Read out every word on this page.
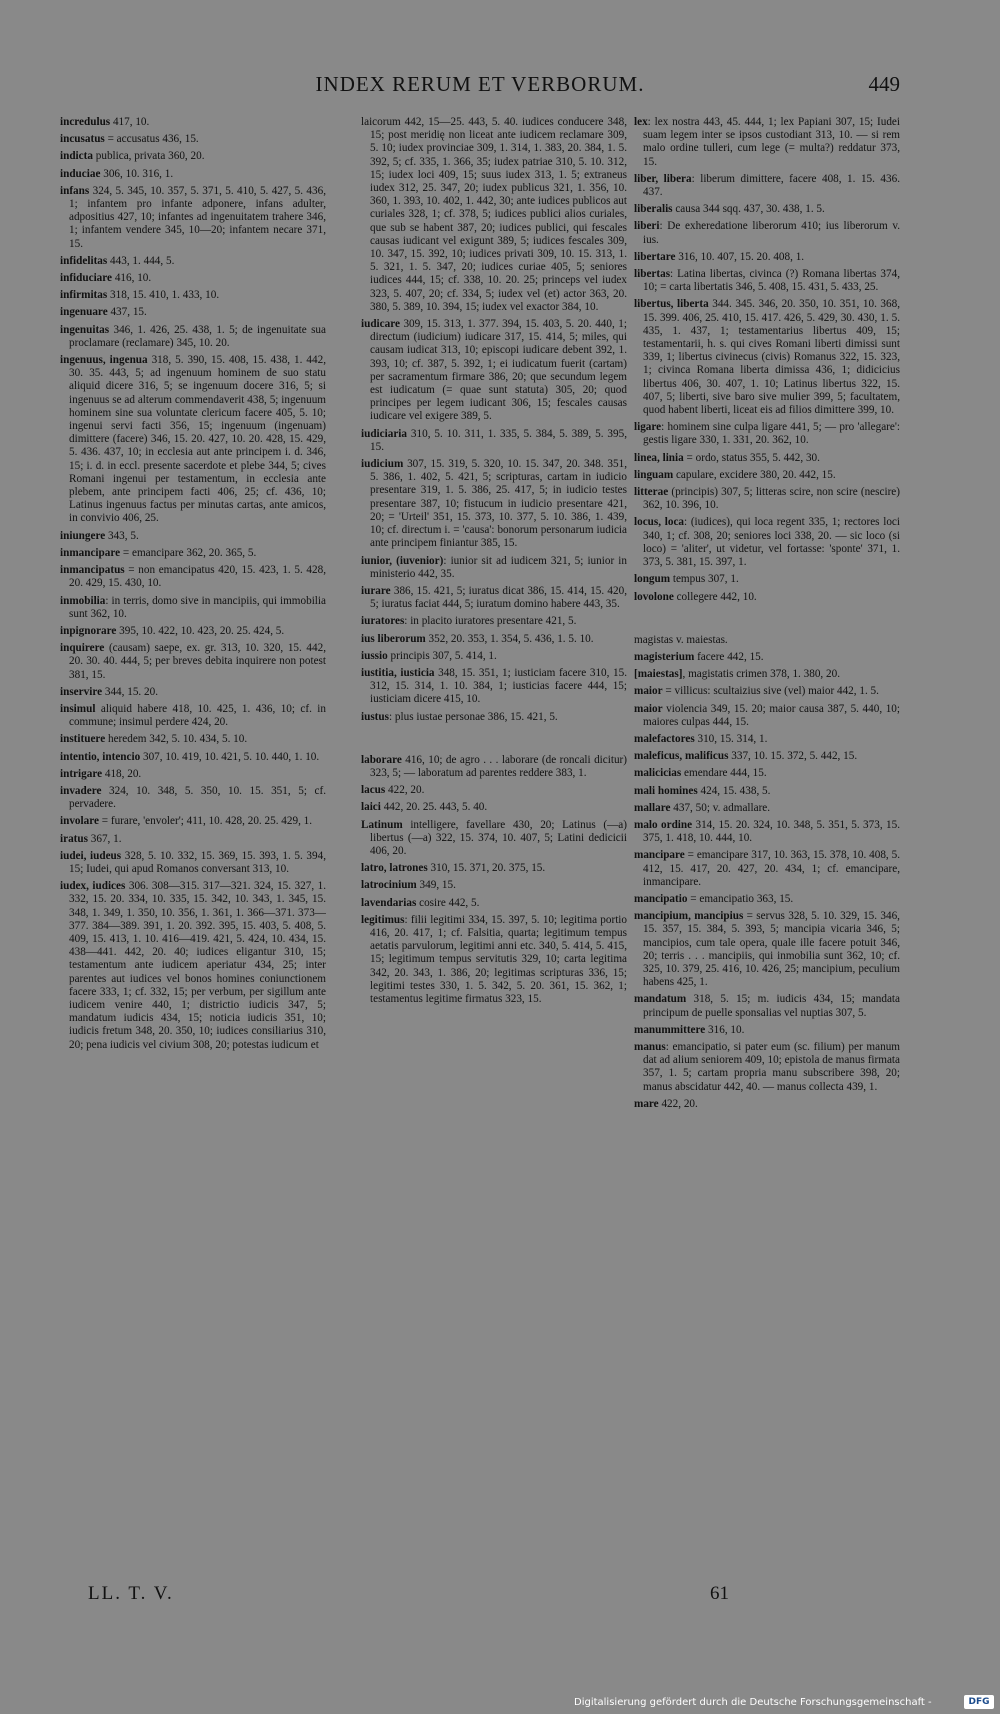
INDEX RERUM ET VERBORUM.	449
incredulus 417, 10.
incusatus = accusatus 436, 15.
indicta publica, privata 360, 20.
induciae 306, 10. 316, 1.
infans 324, 5. 345, 10. 357, 5. 371, 5. 410, 5. 427, 5. 436, 1; infantem pro infante adponere, infans adulter, adpositius 427, 10; infantes ad ingenuitatem trahere 346, 1; infantem vendere 345, 10—20; infantem necare 371, 15.
infidelitas 443, 1. 444, 5.
infiduciare 416, 10.
infirmitas 318, 15. 410, 1. 433, 10.
ingenuare 437, 15.
ingenuitas 346, 1. 426, 25. 438, 1. 5; de ingenuitate sua proclamare (reclamare) 345, 10. 20.
ingenuus, ingenua 318, 5. 390, 15. 408, 15. 438, 1. 442, 30. 35. 443, 5; ad ingenuum hominem de suo statu aliquid dicere 316, 5; se ingenuum docere 316, 5; si ingenuus se ad alterum commendaverit 438, 5; ingenuum hominem sine sua voluntate clericum facere 405, 5. 10; ingenui servi facti 356, 15; ingenuum (ingenuam) dimittere (facere) 346, 15. 20. 427, 10. 20. 428, 15. 429, 5. 436. 437, 10; in ecclesia aut ante principem i. d. 346, 15; i. d. in eccl. presente sacerdote et plebe 344, 5; cives Romani ingenui per testamentum, in ecclesia ante plebem, ante principem facti 406, 25; cf. 436, 10; Latinus ingenuus factus per minutas cartas, ante amicos, in convivio 406, 25.
iniungere 343, 5.
inmancipare = emancipare 362, 20. 365, 5.
inmancipatus = non emancipatus 420, 15. 423, 1. 5. 428, 20. 429, 15. 430, 10.
inmobilia: in terris, domo sive in mancipiis, qui immobilia sunt 362, 10.
inpignorare 395, 10. 422, 10. 423, 20. 25. 424, 5.
inquirere (causam) saepe, ex. gr. 313, 10. 320, 15. 442, 20. 30. 40. 444, 5; per breves debita inquirere non potest 381, 15.
inservire 344, 15. 20.
insimul aliquid habere 418, 10. 425, 1. 436, 10; cf. in commune; insimul perdere 424, 20.
instituere heredem 342, 5. 10. 434, 5. 10.
intentio, intencio 307, 10. 419, 10. 421, 5. 10. 440, 1. 10.
intrigare 418, 20.
invadere 324, 10. 348, 5. 350, 10. 15. 351, 5; cf. pervadere.
involare = furare, 'envoler'; 411, 10. 428, 20. 25. 429, 1.
iratus 367, 1.
iudei, iudeus 328, 5. 10. 332, 15. 369, 15. 393, 1. 5. 394, 15; Iudei, qui apud Romanos conversant 313, 10.
iudex, iudices 306. 308—315. 317—321. 324, 15. 327, 1. 332, 15. 20. 334, 10. 335, 15. 342, 10. 343, 1. 345, 15. 348, 1. 349, 1. 350, 10. 356, 1. 361, 1. 366—371. 373—377. 384—389. 391, 1. 20. 392. 395, 15. 403, 5. 408, 5. 409, 15. 413, 1. 10. 416—419. 421, 5. 424, 10. 434, 15. 438—441. 442, 20. 40; iudices eligantur 310, 15; testamentum ante iudicem aperiatur 434, 25; inter parentes aut iudices vel bonos homines coniunctionem facere 333, 1; cf. 332, 15; per verbum, per sigillum ante iudicem venire 440, 1; districtio iudicis 347, 5; mandatum iudicis 434, 15; noticia iudicis 351, 10; iudicis fretum 348, 20. 350, 10; iudices consiliarius 310, 20; pena iudicis vel civium 308, 20; potestas iudicum et
laicorum 442, 15—25. 443, 5. 40. iudices conducere 348, 15; post meridię non liceat ante iudicem reclamare 309, 5. 10; iudex provinciae 309, 1. 314, 1. 383, 20. 384, 1. 5. 392, 5; cf. 335, 1. 366, 35; iudex patriae 310, 5. 10. 312, 15; iudex loci 409, 15; suus iudex 313, 1. 5; extraneus iudex 312, 25. 347, 20; iudex publicus 321, 1. 356, 10. 360, 1. 393, 10. 402, 1. 442, 30; ante iudices publicos aut curiales 328, 1; cf. 378, 5; iudices publici alios curiales, que sub se habent 387, 20; iudices publici, qui fescales causas iudicant vel exigunt 389, 5; iudices fescales 309, 10. 347, 15. 392, 10; iudices privati 309, 10. 15. 313, 1. 5. 321, 1. 5. 347, 20; iudices curiae 405, 5; seniores iudices 444, 15; cf. 338, 10. 20. 25; princeps vel iudex 323, 5. 407, 20; cf. 334, 5; iudex vel (et) actor 363, 20. 380, 5. 389, 10. 394, 15; iudex vel exactor 384, 10.
iudicare 309, 15. 313, 1. 377. 394, 15. 403, 5. 20. 440, 1; directum (iudicium) iudicare 317, 15. 414, 5; miles, qui causam iudicat 313, 10; episcopi iudicare debent 392, 1. 393, 10; cf. 387, 5. 392, 1; ei iudicatum fuerit (cartam) per sacramentum firmare 386, 20; que secundum legem est iudicatum (= quae sunt statuta) 305, 20; quod principes per legem iudicant 306, 15; fescales causas iudicare vel exigere 389, 5.
iudiciaria 310, 5. 10. 311, 1. 335, 5. 384, 5. 389, 5. 395, 15.
iudicium 307, 15. 319, 5. 320, 10. 15. 347, 20. 348. 351, 5. 386, 1. 402, 5. 421, 5; scripturas, cartam in iudicio presentare 319, 1. 5. 386, 25. 417, 5; in iudicio testes presentare 387, 10; fistucum in iudicio presentare 421, 20; = 'Urteil' 351, 15. 373, 10. 377, 5. 10. 386, 1. 439, 10; cf. directum i. = 'causa': bonorum personarum iudicia ante principem finiantur 385, 15.
iunior, (iuvenior): iunior sit ad iudicem 321, 5; iunior in ministerio 442, 35.
iurare 386, 15. 421, 5; iuratus dicat 386, 15. 414, 15. 420, 5; iuratus faciat 444, 5; iuratum domino habere 443, 35.
iuratores: in placito iuratores presentare 421, 5.
ius liberorum 352, 20. 353, 1. 354, 5. 436, 1. 5. 10.
iussio principis 307, 5. 414, 1.
iustitia, iusticia 348, 15. 351, 1; iusticiam facere 310, 15. 312, 15. 314, 1. 10. 384, 1; iusticias facere 444, 15; iusticiam dicere 415, 10.
iustus: plus iustae personae 386, 15. 421, 5.
laborare 416, 10; de agro . . . laborare (de roncali dicitur) 323, 5; — laboratum ad parentes reddere 383, 1.
lacus 422, 20.
laici 442, 20. 25. 443, 5. 40.
Latinum intelligere, favellare 430, 20; Latinus (—a) libertus (—a) 322, 15. 374, 10. 407, 5; Latini dedicicii 406, 20.
latro, latrones 310, 15. 371, 20. 375, 15.
latrocinium 349, 15.
lavendarias cosire 442, 5.
legitimus: filii legitimi 334, 15. 397, 5. 10; legitima portio 416, 20. 417, 1; cf. Falsitia, quarta; legitimum tempus aetatis parvulorum, legitimi anni etc. 340, 5. 414, 5. 415, 15; legitimum tempus servitutis 329, 10; carta legitima 342, 20. 343, 1. 386, 20; legitimas scripturas 336, 15; legitimi testes 330, 1. 5. 342, 5. 20. 361, 15. 362, 1; testamentus legitime firmatus 323, 15.
lex: lex nostra 443, 45. 444, 1; lex Papiani 307, 15; Iudei suam legem inter se ipsos custodiant 313, 10. — si rem malo ordine tulleri, cum lege (= multa?) reddatur 373, 15.
liber, libera: liberum dimittere, facere 408, 1. 15. 436. 437.
liberalis causa 344 sqq. 437, 30. 438, 1. 5.
liberi: De exheredatione liberorum 410; ius liberorum v. ius.
libertare 316, 10. 407, 15. 20. 408, 1.
libertas: Latina libertas, civinca (?) Romana libertas 374, 10; = carta libertatis 346, 5. 408, 15. 431, 5. 433, 25.
libertus, liberta 344. 345. 346, 20. 350, 10. 351, 10. 368, 15. 399. 406, 25. 410, 15. 417. 426, 5. 429, 30. 430, 1. 5. 435, 1. 437, 1; testamentarius libertus 409, 15; testamentarii, h. s. qui cives Romani liberti dimissi sunt 339, 1; libertus civinecus (civis) Romanus 322, 15. 323, 1; civinca Romana liberta dimissa 436, 1; didicicius libertus 406, 30. 407, 1. 10; Latinus libertus 322, 15. 407, 5; liberti, sive baro sive mulier 399, 5; facultatem, quod habent liberti, liceat eis ad filios dimittere 399, 10.
ligare: hominem sine culpa ligare 441, 5; — pro 'allegare': gestis ligare 330, 1. 331, 20. 362, 10.
linea, linia = ordo, status 355, 5. 442, 30.
linguam capulare, excidere 380, 20. 442, 15.
litterae (principis) 307, 5; litteras scire, non scire (nescire) 362, 10. 396, 10.
locus, loca: (iudices), qui loca regent 335, 1; rectores loci 340, 1; cf. 308, 20; seniores loci 338, 20. — sic loco (si loco) = 'aliter', ut videtur, vel fortasse: 'sponte' 371, 1. 373, 5. 381, 15. 397, 1.
longum tempus 307, 1.
lovolone collegere 442, 10.
magistas v. maiestas.
magisterium facere 442, 15.
[maiestas], magistatis crimen 378, 1. 380, 20.
maior = villicus: scultaizius sive (vel) maior 442, 1. 5.
maior violencia 349, 15. 20; maior causa 387, 5. 440, 10; maiores culpas 444, 15.
malefactores 310, 15. 314, 1.
maleficus, malificus 337, 10. 15. 372, 5. 442, 15.
malicicias emendare 444, 15.
mali homines 424, 15. 438, 5.
mallare 437, 50; v. admallare.
malo ordine 314, 15. 20. 324, 10. 348, 5. 351, 5. 373, 15. 375, 1. 418, 10. 444, 10.
mancipare = emancipare 317, 10. 363, 15. 378, 10. 408, 5. 412, 15. 417, 20. 427, 20. 434, 1; cf. emancipare, inmancipare.
mancipatio = emancipatio 363, 15.
mancipium, mancipius = servus 328, 5. 10. 329, 15. 346, 15. 357, 15. 384, 5. 393, 5; mancipia vicaria 346, 5; mancipios, cum tale opera, quale ille facere potuit 346, 20; terris . . . mancipiis, qui inmobilia sunt 362, 10; cf. 325, 10. 379, 25. 416, 10. 426, 25; mancipium, peculium habens 425, 1.
mandatum 318, 5. 15; m. iudicis 434, 15; mandata principum de puelle sponsalias vel nuptias 307, 5.
manummittere 316, 10.
manus: emancipatio, si pater eum (sc. filium) per manum dat ad alium seniorem 409, 10; epistola de manus firmata 357, 1. 5; cartam propria manu subscribere 398, 20; manus abscidatur 442, 40. — manus collecta 439, 1.
mare 422, 20.
LL. T. V.	61
Digitalisierung gefördert durch die Deutsche Forschungsgemeinschaft -	DFG
